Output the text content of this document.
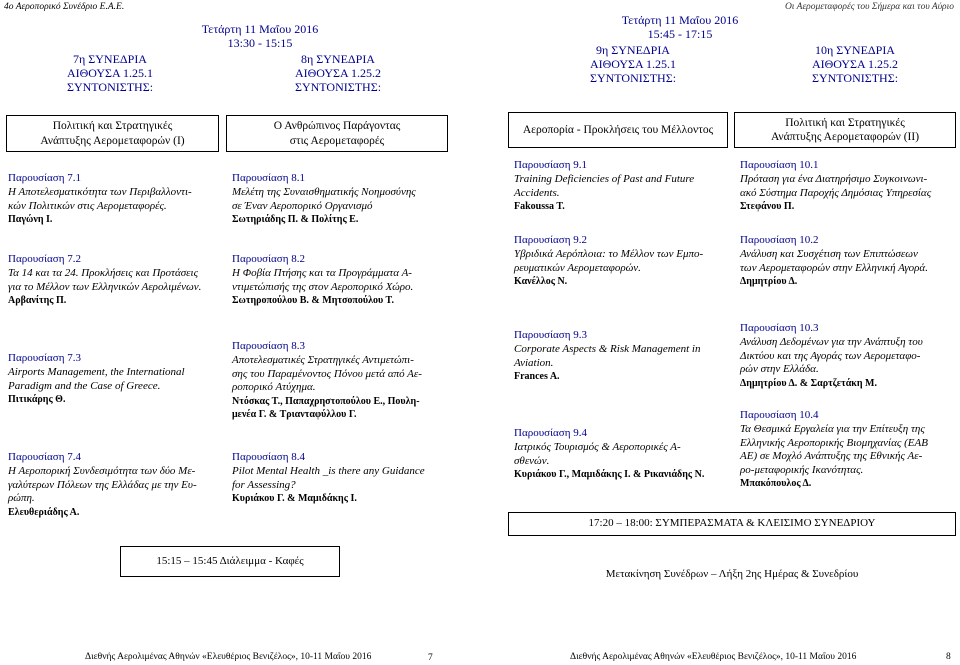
4ο Αεροπορικό Συνέδριο Ε.Α.Ε.
Τετάρτη 11 Μαΐου 2016
13:30 - 15:15
7η ΣΥΝΕΔΡΙΑ
ΑΙΘΟΥΣΑ 1.25.1
ΣΥΝΤΟΝΙΣΤΗΣ:
8η ΣΥΝΕΔΡΙΑ
ΑΙΘΟΥΣΑ 1.25.2
ΣΥΝΤΟΝΙΣΤΗΣ:
Πολιτική και Στρατηγικές
Ανάπτυξης Αερομεταφορών (Ι)
Ο Ανθρώπινος Παράγοντας
στις Αερομεταφορές
Παρουσίαση 7.1
Η Αποτελεσματικότητα των Περιβαλλοντι-
κών Πολιτικών στις Αερομεταφορές.
Παγώνη Ι.
Παρουσίαση 7.2
Τα 14 και τα 24. Προκλήσεις και Προτάσεις
για το Μέλλον των Ελληνικών Αερολιμένων.
Αρβανίτης Π.
Παρουσίαση 7.3
Airports Management, the International
Paradigm and the Case of Greece.
Πιτικάρης Θ.
Παρουσίαση 7.4
Η Αεροπορική Συνδεσιμότητα των δύο Με-
γαλύτερων Πόλεων της Ελλάδας με την Ευ-
ρώπη.
Ελευθεριάδης Α.
Παρουσίαση 8.1
Μελέτη της Συναισθηματικής Νοημοσύνης
σε Έναν Αεροπορικό Οργανισμό
Σωτηριάδης Π. & Πολίτης Ε.
Παρουσίαση 8.2
Η Φοβία Πτήσης και τα Προγράμματα Α-
ντιμετώπισής της στον Αεροπορικό Χώρο.
Σωτηροπούλου Β. & Μητσοπούλου Τ.
Παρουσίαση 8.3
Αποτελεσματικές Στρατηγικές Αντιμετώπι-
σης του Παραμένοντος Πόνου μετά από Αε-
ροπορικό Ατύχημα.
Ντόσκας Τ., Παπαχρηστοπούλου Ε., Πουλη-
μενέα Γ. & Τριανταφύλλου Γ.
Παρουσίαση 8.4
Pilot Mental Health _is there any Guidance
for Assessing?
Κυριάκου Γ. & Μαμιδάκης Ι.
15:15 – 15:45 Διάλειμμα - Καφές
Διεθνής Αερολιμένας Αθηνών «Ελευθέριος Βενιζέλος», 10-11 Μαΐου 2016	7
Οι Αερομεταφορές του Σήμερα και του Αύριο
Τετάρτη 11 Μαΐου 2016
15:45 - 17:15
9η ΣΥΝΕΔΡΙΑ
ΑΙΘΟΥΣΑ 1.25.1
ΣΥΝΤΟΝΙΣΤΗΣ:
10η ΣΥΝΕΔΡΙΑ
ΑΙΘΟΥΣΑ 1.25.2
ΣΥΝΤΟΝΙΣΤΗΣ:
Αεροπορία - Προκλήσεις του Μέλλοντος
Πολιτική και Στρατηγικές
Ανάπτυξης Αερομεταφορών (ΙΙ)
Παρουσίαση 9.1
Training Deficiencies of Past and Future
Accidents.
Fakoussa T.
Παρουσίαση 9.2
Υβριδικά Αερόπλοια: το Μέλλον των Εμπο-
ρευματικών Αερομεταφορών.
Κανέλλος Ν.
Παρουσίαση 9.3
Corporate Aspects & Risk Management in
Aviation.
Frances A.
Παρουσίαση 9.4
Ιατρικός Τουρισμός & Αεροπορικές Α-
σθενών.
Κυριάκου Γ., Μαμιδάκης Ι. & Ρικανιάδης Ν.
Παρουσίαση 10.1
Πρόταση για ένα Διατηρήσιμο Συγκοινωνι-
ακό Σύστημα Παροχής Δημόσιας Υπηρεσίας
Στεφάνου Π.
Παρουσίαση 10.2
Ανάλυση και Συσχέτιση των Επιπτώσεων
των Αερομεταφορών στην Ελληνική Αγορά.
Δημητρίου Δ.
Παρουσίαση 10.3
Ανάλυση Δεδομένων για την Ανάπτυξη του
Δικτύου και της Αγοράς των Αερομεταφο-
ρών στην Ελλάδα.
Δημητρίου Δ. & Σαρτζετάκη Μ.
Παρουσίαση 10.4
Τα Θεσμικά Εργαλεία για την Επίτευξη της
Ελληνικής Αεροπορικής Βιομηχανίας (ΕΑΒ
ΑΕ) σε Μοχλό Ανάπτυξης της Εθνικής Αε-
ρο-μεταφορικής Ικανότητας.
Μπακόπουλος Δ.
17:20 – 18:00: ΣΥΜΠΕΡΑΣΜΑΤΑ & ΚΛΕΙΣΙΜΟ ΣΥΝΕΔΡΙΟΥ
Μετακίνηση Συνέδρων – Λήξη 2ης Ημέρας & Συνεδρίου
Διεθνής Αερολιμένας Αθηνών «Ελευθέριος Βενιζέλος», 10-11 Μαΐου 2016	8
